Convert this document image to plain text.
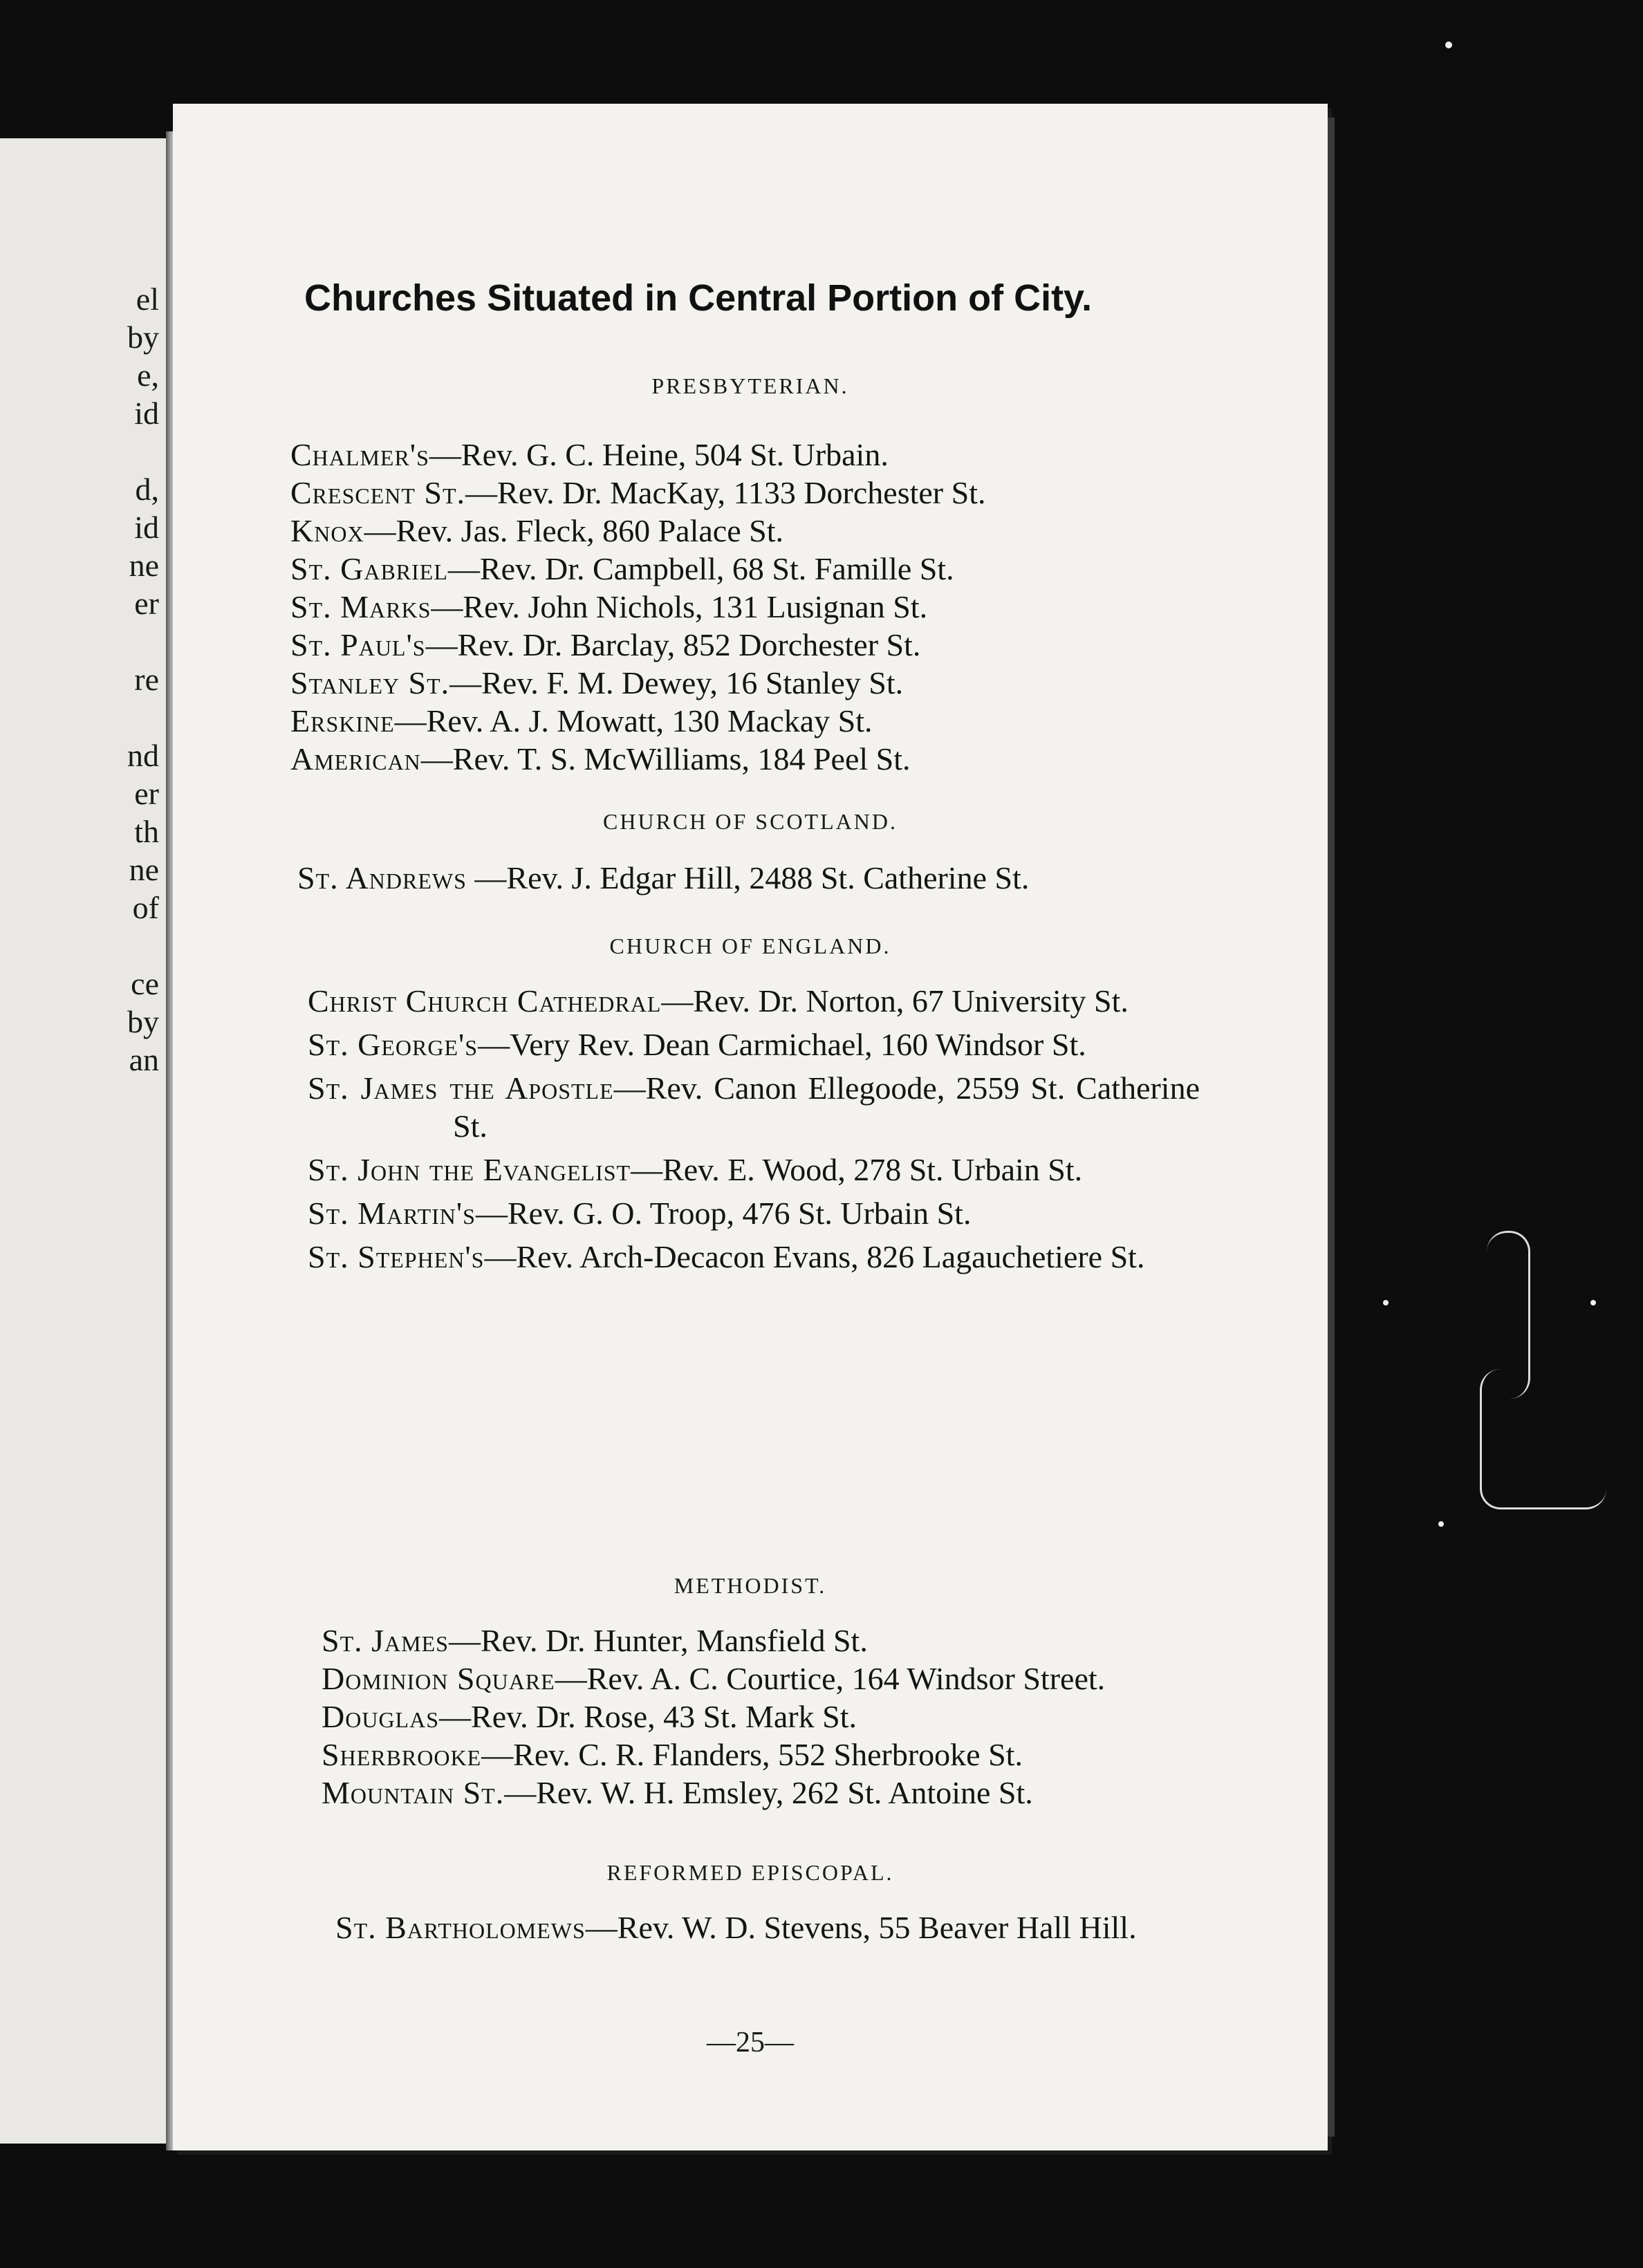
el
by
e,
id
d,
id
ne
er
re
nd
er
th
ne
of
ce
by
an
Churches Situated in Central Portion of City.
PRESBYTERIAN.

Chalmer's—Rev. G. C. Heine, 504 St. Urbain.

Crescent St.—Rev. Dr. MacKay, 1133 Dorchester St.

Knox—Rev. Jas. Fleck, 860 Palace St.

St. Gabriel—Rev. Dr. Campbell, 68 St. Famille St.

St. Marks—Rev. John Nichols, 131 Lusignan St.

St. Paul's—Rev. Dr. Barclay, 852 Dorchester St.

Stanley St.—Rev. F. M. Dewey, 16 Stanley St.

Erskine—Rev. A. J. Mowatt, 130 Mackay St.

American—Rev. T. S. McWilliams, 184 Peel St.

CHURCH OF SCOTLAND.

St. Andrews —Rev. J. Edgar Hill, 2488 St. Catherine St.

CHURCH OF ENGLAND.

Christ Church Cathedral—Rev. Dr. Norton, 67 University St.

St. George's—Very Rev. Dean Carmichael, 160 Windsor St.

St. James the Apostle—Rev. Canon Ellegoode, 2559 St. Catherine St.

St. John the Evangelist—Rev. E. Wood, 278 St. Urbain St.

St. Martin's—Rev. G. O. Troop, 476 St. Urbain St.

St. Stephen's—Rev. Arch-Decacon Evans, 826 Lagauchetiere St.

METHODIST.

St. James—Rev. Dr. Hunter, Mansfield St.

Dominion Square—Rev. A. C. Courtice, 164 Windsor Street.

Douglas—Rev. Dr. Rose, 43 St. Mark St.

Sherbrooke—Rev. C. R. Flanders, 552 Sherbrooke St.

Mountain St.—Rev. W. H. Emsley, 262 St. Antoine St.

REFORMED EPISCOPAL.

St. Bartholomews—Rev. W. D. Stevens, 55 Beaver Hall Hill.

—25—
